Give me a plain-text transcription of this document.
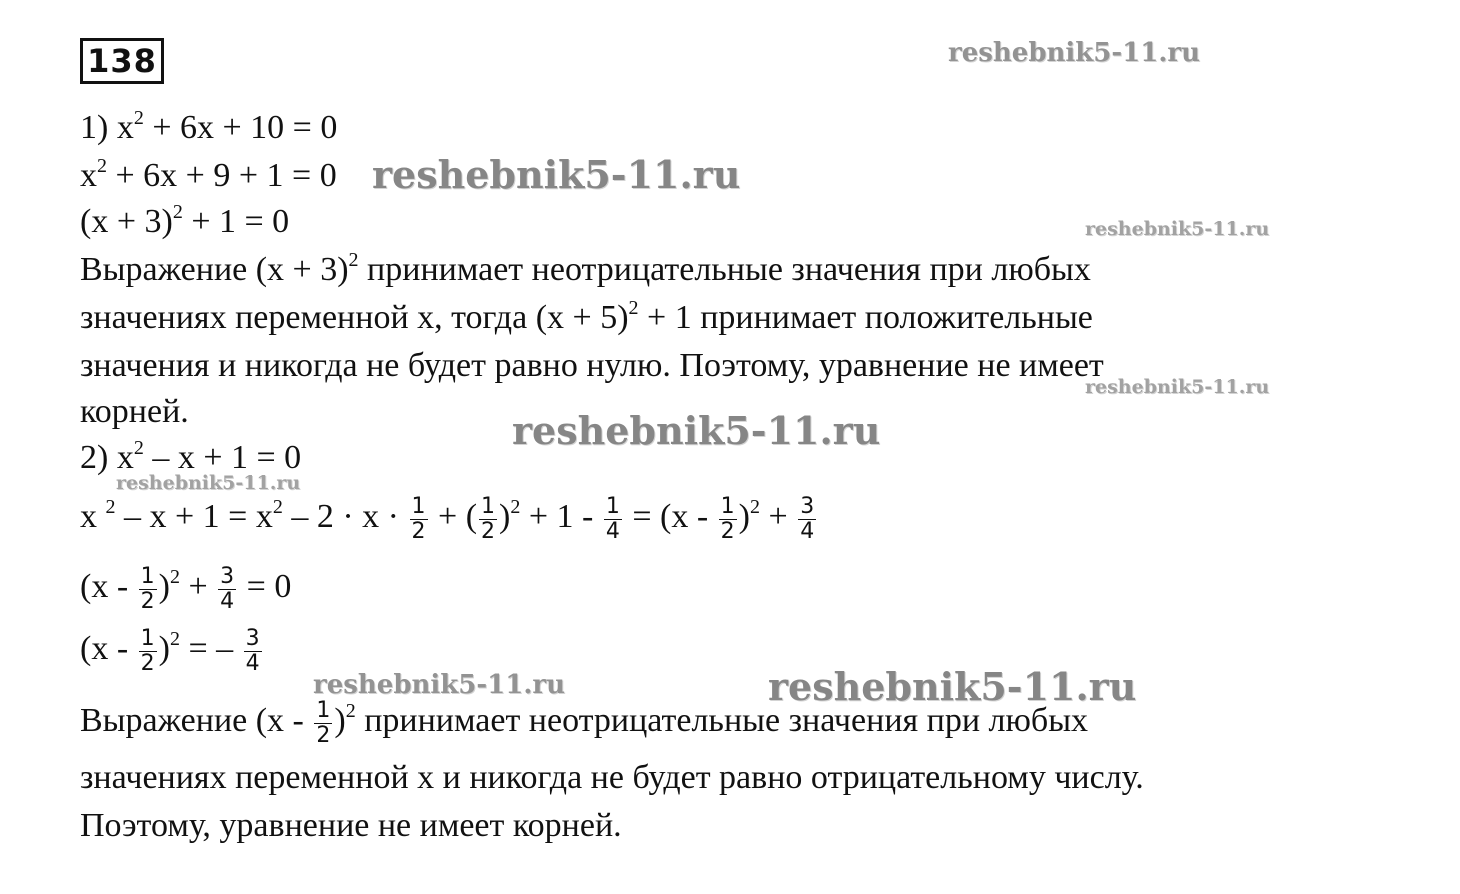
138	reshebnik5-11.ru
reshebnik5-11.ru
reshebnik5-11.ru
reshebnik5-11.ru
reshebnik5-11.ru
reshebnik5-11.ru
reshebnik5-11.ru	reshebnik5-11.ru
1) $x^2 + 6x + 10 = 0$
$x^2 + 6x + 9 + 1 = 0$
$(x + 3)^2 + 1 = 0$
Выражение $(x + 3)^2$ принимает неотрицательные значения при любых
значениях переменной x, тогда $(x + 5)^2 + 1$ принимает положительные
значения и никогда не будет равно нулю. Поэтому, уравнение не имеет
корней.
2) $x^2 - x + 1 = 0$
x $^2 - x + 1 = x^2 - 2 \cdot x \cdot \frac{1}{2}$ + ( $\frac{1}{2} )^2 + 1 - \frac{1}{4} = (x - \frac{1}{2} )^2 + \frac{3}{4}$
$(x - \frac{1}{2} )^2 + \frac{3}{4} = 0$
$(x - \frac{1}{2} )^2$ = – $\frac{3}{4}$
Выражение $(x - \frac{1}{2} )^2$ принимает неотрицательные значения при любых
значениях переменной x и никогда не будет равно отрицательному числу.
Поэтому, уравнение не имеет корней.
